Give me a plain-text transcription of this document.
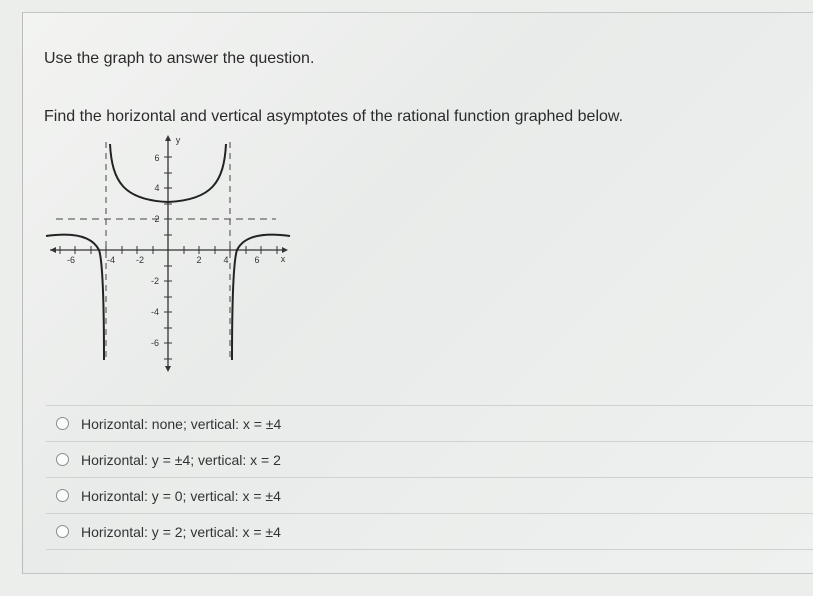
Use the graph to answer the question.

Find the horizontal and vertical asymptotes of the rational function graphed below.

-6	-4 -2	2 4	6 x
6
4
2
-2
-4
-6
y
Horizontal: none; vertical: x = ±4
Horizontal: y = ±4; vertical: x = 2
Horizontal: y = 0; vertical: x = ±4
Horizontal: y = 2; vertical: x = ±4
